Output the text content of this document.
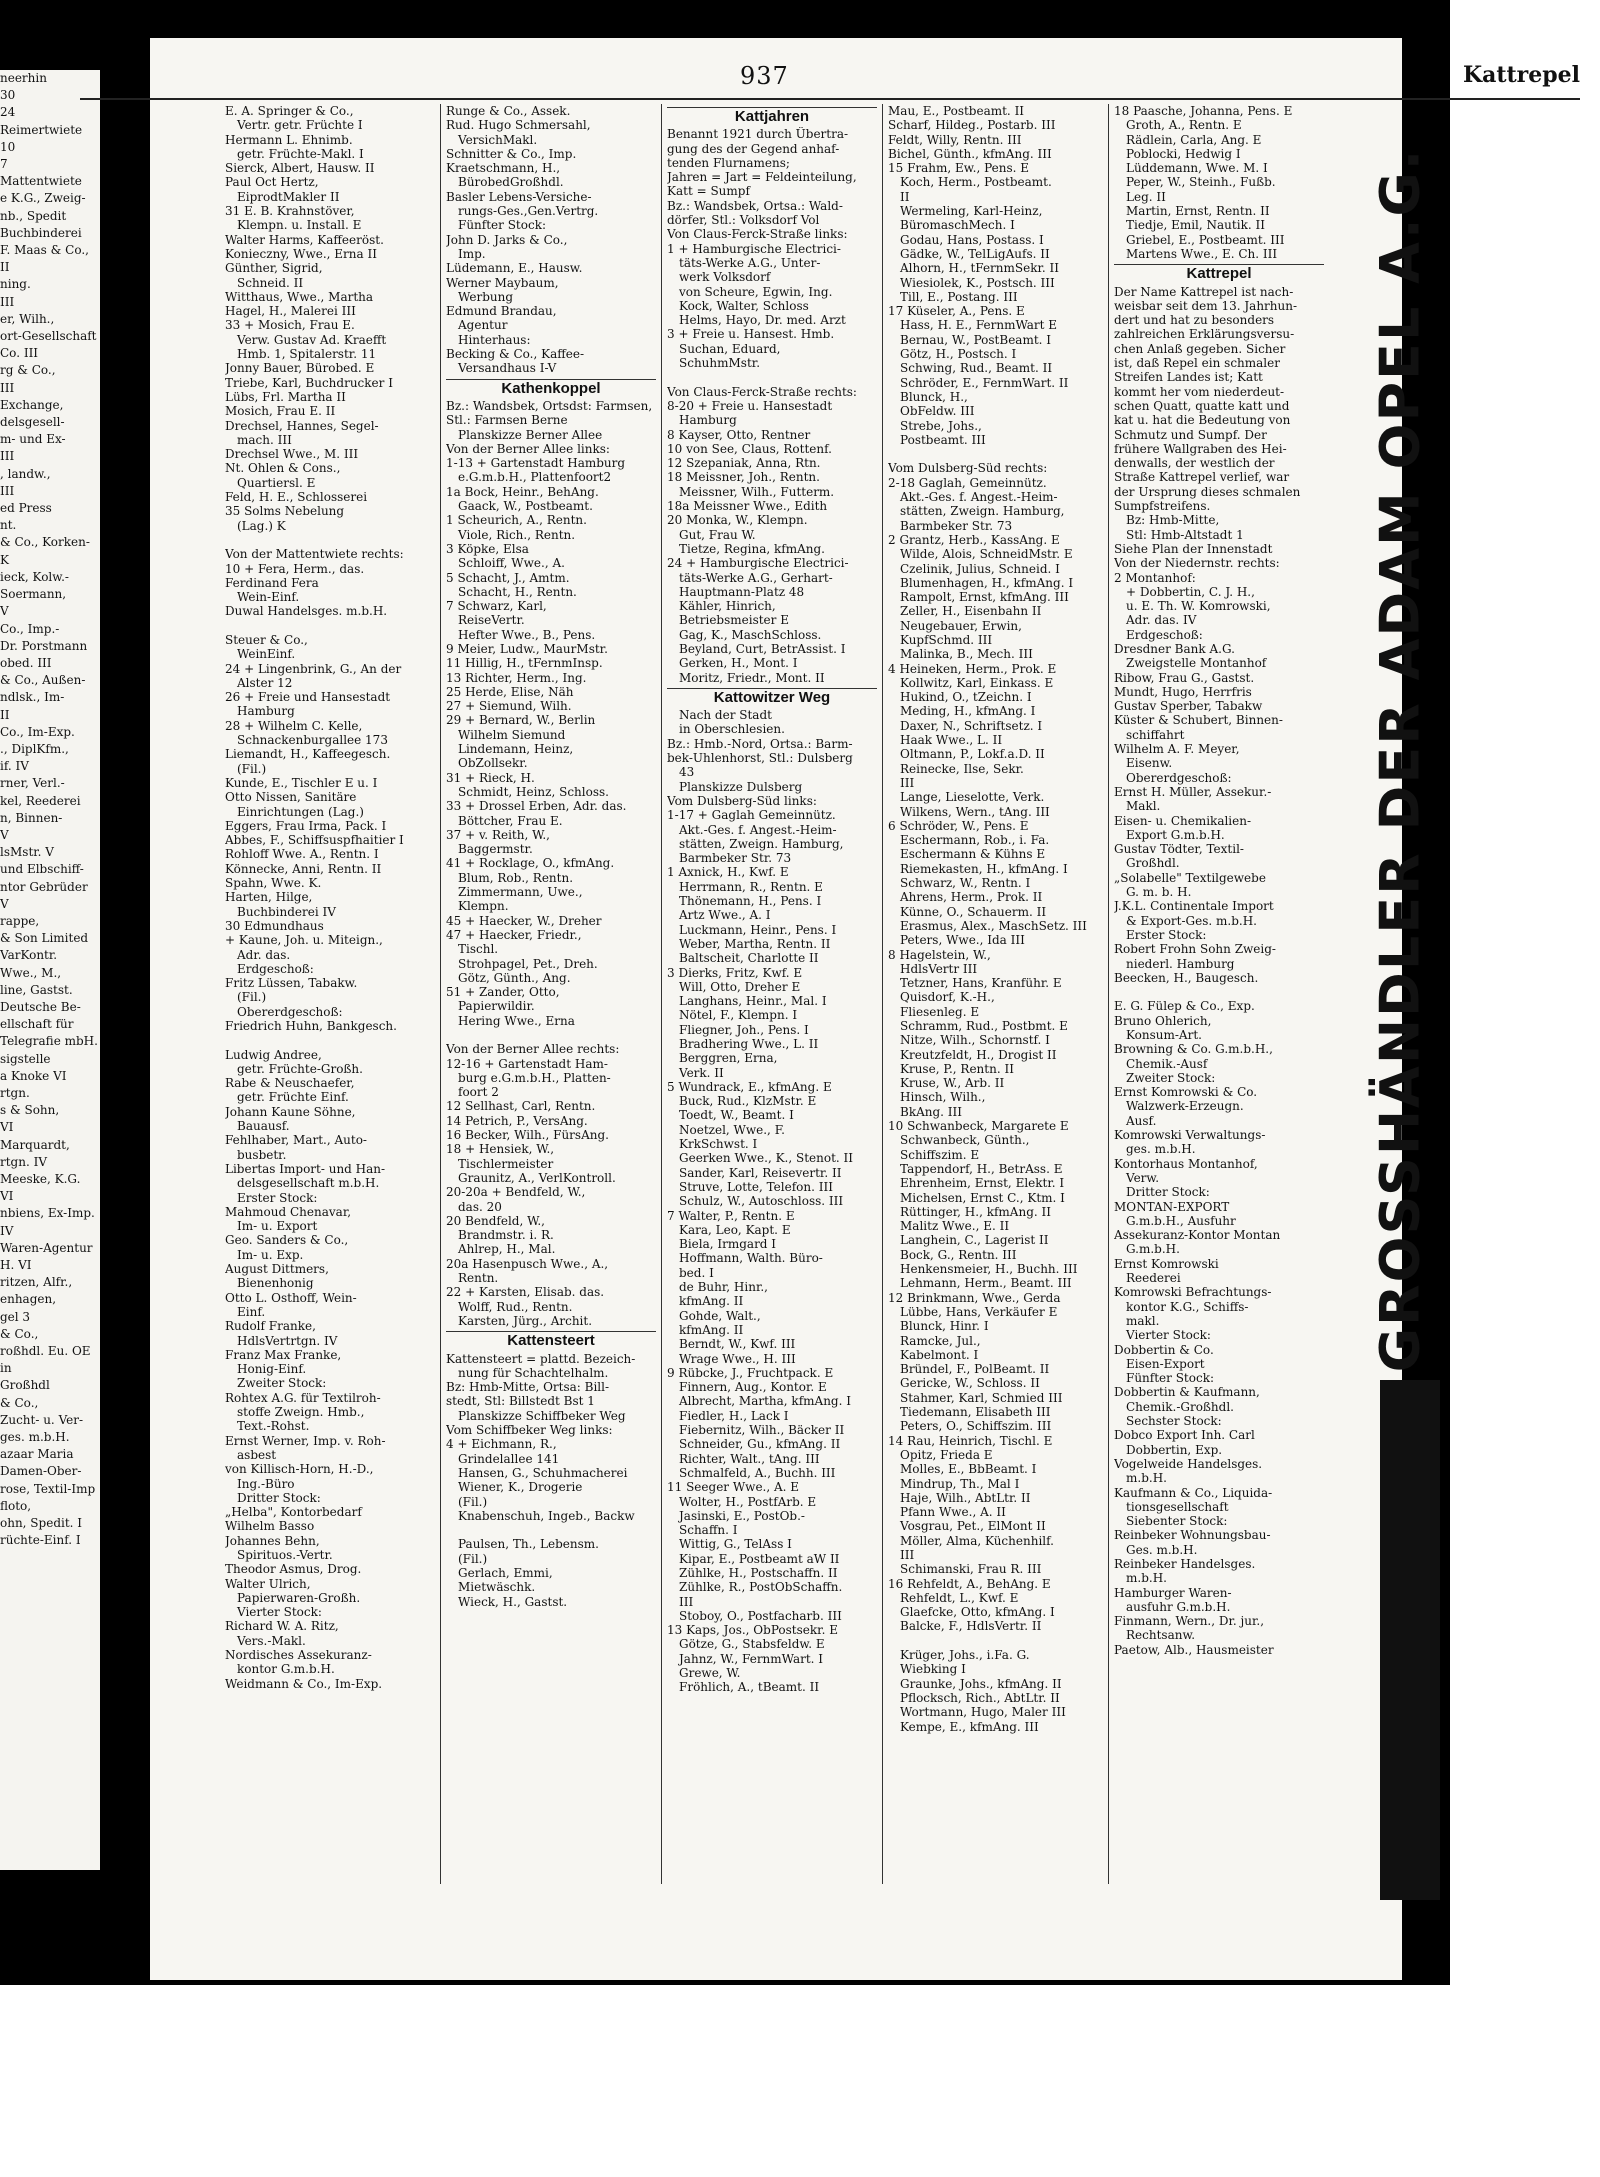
neerhin
30
24
Reimertwiete
10
7
Mattentwiete
e K.G., Zweig-
nb., Spedit
Buchbinderei
F. Maas & Co.,
II
ning.
III
er, Wilh.,
ort-Gesellschaft
Co. III
rg & Co.,
III
Exchange,
delsgesell-
m- und Ex-
III
, landw.,
III
ed Press
nt.
& Co., Korken-
K
ieck, Kolw.-
Soermann,
V
Co., Imp.-
Dr. Porstmann
obed. III
& Co., Außen-
ndlsk., Im-
II
Co., Im-Exp.
., DiplKfm.,
if. IV
rner, Verl.-
kel, Reederei
n, Binnen-
V
lsMstr. V
und Elbschiff-
ntor Gebrüder
V
rappe,
& Son Limited
VarKontr.
Wwe., M.,
line, Gastst.
Deutsche Be-
ellschaft für
Telegrafie mbH.
sigstelle
a Knoke VI
rtgn.
s & Sohn,
VI
Marquardt,
rtgn. IV
Meeske, K.G.
VI
nbiens, Ex-Imp.
IV
Waren-Agentur
H. VI
ritzen, Alfr.,
enhagen,
gel 3
& Co.,
roßhdl. Eu. OE
in
Großhdl
& Co.,
Zucht- u. Ver-
ges. m.b.H.
azaar Maria
Damen-Ober-
rose, Textil-Imp
floto,
ohn, Spedit. I
rüchte-Einf. I
937	Kattrepel
E. A. Springer & Co.,
 Vertr. getr. Früchte I
Hermann L. Ehnimb.
 getr. Früchte-Makl. I
Sierck, Albert, Hausw. II
Paul Oct Hertz,
 EiprodtMakler II
31 E. B. Krahnstöver,
 Klempn. u. Install. E
Walter Harms, Kaffeeröst.
Konieczny, Wwe., Erna II
Günther, Sigrid,
 Schneid. II
Witthaus, Wwe., Martha
Hagel, H., Malerei III
33 + Mosich, Frau E.
 Verw. Gustav Ad. Kraefft
 Hmb. 1, Spitalerstr. 11
Jonny Bauer, Bürobed. E
Triebe, Karl, Buchdrucker I
Lübs, Frl. Martha II
Mosich, Frau E. II
Drechsel, Hannes, Segel-
 mach. III
Drechsel Wwe., M. III
Nt. Ohlen & Cons.,
 Quartiersl. E
Feld, H. E., Schlosserei
35 Solms Nebelung
 (Lag.) K

Von der Mattentwiete rechts:
10 + Fera, Herm., das.
Ferdinand Fera
 Wein-Einf.
Duwal Handelsges. m.b.H.

Steuer & Co.,
 WeinEinf.
24 + Lingenbrink, G., An der
 Alster 12
26 + Freie und Hansestadt
 Hamburg
28 + Wilhelm C. Kelle,
 Schnackenburgallee 173
Liemandt, H., Kaffeegesch.
 (Fil.)
Kunde, E., Tischler E u. I
Otto Nissen, Sanitäre
 Einrichtungen (Lag.)
Eggers, Frau Irma, Pack. I
Abbes, F., Schiffsuspfhaitier I
Rohloff Wwe. A., Rentn. I
Könnecke, Anni, Rentn. II
Spahn, Wwe. K.
Harten, Hilge,
 Buchbinderei IV
30 Edmundhaus
+ Kaune, Joh. u. Miteign.,
 Adr. das.
 Erdgeschoß:
Fritz Lüssen, Tabakw.
 (Fil.)
 Obererdgeschoß:
Friedrich Huhn, Bankgesch.

Ludwig Andree,
 getr. Früchte-Großh.
Rabe & Neuschaefer,
 getr. Früchte Einf.
Johann Kaune Söhne,
 Bauausf.
Fehlhaber, Mart., Auto-
 busbetr.
Libertas Import- und Han-
 delsgesellschaft m.b.H.
 Erster Stock:
Mahmoud Chenavar,
 Im- u. Export
Geo. Sanders & Co.,
 Im- u. Exp.
August Dittmers,
 Bienenhonig
Otto L. Osthoff, Wein-
 Einf.
Rudolf Franke,
 HdlsVertrtgn. IV
Franz Max Franke,
 Honig-Einf.
 Zweiter Stock:
Rohtex A.G. für Textilroh-
 stoffe Zweign. Hmb.,
 Text.-Rohst.
Ernst Werner, Imp. v. Roh-
 asbest
von Killisch-Horn, H.-D.,
 Ing.-Büro
 Dritter Stock:
„Helba", Kontorbedarf
Wilhelm Basso
Johannes Behn,
 Spirituos.-Vertr.
Theodor Asmus, Drog.
Walter Ulrich,
 Papierwaren-Großh.
 Vierter Stock:
Richard W. A. Ritz,
 Vers.-Makl.
Nordisches Assekuranz-
 kontor G.m.b.H.
Weidmann & Co., Im-Exp.
Runge & Co., Assek.
Rud. Hugo Schmersahl,
 VersichMakl.
Schnitter & Co., Imp.
Kraetschmann, H.,
 BürobedGroßhdl.
Basler Lebens-Versiche-
 rungs-Ges.,Gen.Vertrg.
 Fünfter Stock:
John D. Jarks & Co.,
 Imp.
Lüdemann, E., Hausw.
Werner Maybaum,
 Werbung
Edmund Brandau,
 Agentur
 Hinterhaus:
Becking & Co., Kaffee-
 Versandhaus I-V
Kathenkoppel
Bz.: Wandsbek, Ortsdst: Farmsen,
Stl.: Farmsen Berne
 Planskizze Berner Allee
Von der Berner Allee links:
1-13 + Gartenstadt Hamburg
 e.G.m.b.H., Plattenfoort2
1a Bock, Heinr., BehAng.
 Gaack, W., Postbeamt.
1 Scheurich, A., Rentn.
 Viole, Rich., Rentn.
3 Köpke, Elsa
 Schloiff, Wwe., A.
5 Schacht, J., Amtm.
 Schacht, H., Rentn.
7 Schwarz, Karl,
 ReiseVertr.
 Hefter Wwe., B., Pens.
9 Meier, Ludw., MaurMstr.
11 Hillig, H., tFernmInsp.
13 Richter, Herm., Ing.
25 Herde, Elise, Näh
27 + Siemund, Wilh.
29 + Bernard, W., Berlin
 Wilhelm Siemund
 Lindemann, Heinz,
 ObZollsekr.
31 + Rieck, H.
 Schmidt, Heinz, Schloss.
33 + Drossel Erben, Adr. das.
 Böttcher, Frau E.
37 + v. Reith, W.,
 Baggermstr.
41 + Rocklage, O., kfmAng.
 Blum, Rob., Rentn.
 Zimmermann, Uwe.,
 Klempn.
45 + Haecker, W., Dreher
47 + Haecker, Friedr.,
 Tischl.
 Strohpagel, Pet., Dreh.
 Götz, Günth., Ang.
51 + Zander, Otto,
 Papierwildir.
 Hering Wwe., Erna

Von der Berner Allee rechts:
12-16 + Gartenstadt Ham-
 burg e.G.m.b.H., Platten-
 foort 2
12 Sellhast, Carl, Rentn.
14 Petrich, P., VersAng.
16 Becker, Wilh., FürsAng.
18 + Hensiek, W.,
 Tischlermeister
 Graunitz, A., VerlKontroll.
20-20a + Bendfeld, W.,
 das. 20
20 Bendfeld, W.,
 Brandmstr. i. R.
 Ahlrep, H., Mal.
20a Hasenpusch Wwe., A.,
 Rentn.
22 + Karsten, Elisab. das.
 Wolff, Rud., Rentn.
 Karsten, Jürg., Archit.
Kattensteert
Kattensteert = plattd. Bezeich-
 nung für Schachtelhalm.
Bz: Hmb-Mitte, Ortsa: Bill-
stedt, Stl: Billstedt Bst 1
 Planskizze Schiffbeker Weg
Vom Schiffbeker Weg links:
4 + Eichmann, R.,
 Grindelallee 141
 Hansen, G., Schuhmacherei
 Wiener, K., Drogerie
 (Fil.)
 Knabenschuh, Ingeb., Backw

 Paulsen, Th., Lebensm.
 (Fil.)
 Gerlach, Emmi,
 Mietwäschk.
 Wieck, H., Gastst.
Kattjahren
Benannt 1921 durch Übertra-
gung des der Gegend anhaf-
tenden Flurnamens;
Jahren = Jart = Feldeinteilung,
Katt = Sumpf
Bz.: Wandsbek, Ortsa.: Wald-
dörfer, Stl.: Volksdorf Vol
Von Claus-Ferck-Straße links:
1 + Hamburgische Electrici-
 täts-Werke A.G., Unter-
 werk Volksdorf
 von Scheure, Egwin, Ing.
 Kock, Walter, Schloss
 Helms, Hayo, Dr. med. Arzt
3 + Freie u. Hansest. Hmb.
 Suchan, Eduard,
 SchuhmMstr.

Von Claus-Ferck-Straße rechts:
8-20 + Freie u. Hansestadt
 Hamburg
8 Kayser, Otto, Rentner
10 von See, Claus, Rottenf.
12 Szepaniak, Anna, Rtn.
18 Meissner, Joh., Rentn.
 Meissner, Wilh., Futterm.
18a Meissner Wwe., Edith
20 Monka, W., Klempn.
 Gut, Frau W.
 Tietze, Regina, kfmAng.
24 + Hamburgische Electrici-
 täts-Werke A.G., Gerhart-
 Hauptmann-Platz 48
 Kähler, Hinrich,
 Betriebsmeister E
 Gag, K., MaschSchloss.
 Beyland, Curt, BetrAssist. I
 Gerken, H., Mont. I
 Moritz, Friedr., Mont. II
Kattowitzer Weg
 Nach der Stadt
 in Oberschlesien.
Bz.: Hmb.-Nord, Ortsa.: Barm-
bek-Uhlenhorst, Stl.: Dulsberg
 43
 Planskizze Dulsberg
Vom Dulsberg-Süd links:
1-17 + Gaglah Gemeinnütz.
 Akt.-Ges. f. Angest.-Heim-
 stätten, Zweign. Hamburg,
 Barmbeker Str. 73
1 Axnick, H., Kwf. E
 Herrmann, R., Rentn. E
 Thönemann, H., Pens. I
 Artz Wwe., A. I
 Luckmann, Heinr., Pens. I
 Weber, Martha, Rentn. II
 Baltscheit, Charlotte II
3 Dierks, Fritz, Kwf. E
 Will, Otto, Dreher E
 Langhans, Heinr., Mal. I
 Nötel, F., Klempn. I
 Fliegner, Joh., Pens. I
 Bradhering Wwe., L. II
 Berggren, Erna,
 Verk. II
5 Wundrack, E., kfmAng. E
 Buck, Rud., KlzMstr. E
 Toedt, W., Beamt. I
 Noetzel, Wwe., F.
 KrkSchwst. I
 Geerken Wwe., K., Stenot. II
 Sander, Karl, Reisevertr. II
 Struve, Lotte, Telefon. III
 Schulz, W., Autoschloss. III
7 Walter, P., Rentn. E
 Kara, Leo, Kapt. E
 Biela, Irmgard I
 Hoffmann, Walth. Büro-
 bed. I
 de Buhr, Hinr.,
 kfmAng. II
 Gohde, Walt.,
 kfmAng. II
 Berndt, W., Kwf. III
 Wrage Wwe., H. III
9 Rübcke, J., Fruchtpack. E
 Finnern, Aug., Kontor. E
 Albrecht, Martha, kfmAng. I
 Fiedler, H., Lack I
 Fiebernitz, Wilh., Bäcker II
 Schneider, Gu., kfmAng. II
 Richter, Walt., tAng. III
 Schmalfeld, A., Buchh. III
11 Seeger Wwe., A. E
 Wolter, H., PostfArb. E
 Jasinski, E., PostOb.-
 Schaffn. I
 Wittig, G., TelAss I
 Kipar, E., Postbeamt aW II
 Zühlke, H., Postschaffn. II
 Zühlke, R., PostObSchaffn.
 III
 Stoboy, O., Postfacharb. III
13 Kaps, Jos., ObPostsekr. E
 Götze, G., Stabsfeldw. E
 Jahnz, W., FernmWart. I
 Grewe, W.
 Fröhlich, A., tBeamt. II
Mau, E., Postbeamt. II
Scharf, Hildeg., Postarb. III
Feldt, Willy, Rentn. III
Bichel, Günth., kfmAng. III
15 Frahm, Ew., Pens. E
 Koch, Herm., Postbeamt.
 II
 Wermeling, Karl-Heinz,
 BüromaschMech. I
 Godau, Hans, Postass. I
 Gädke, W., TelLigAufs. II
 Alhorn, H., tFernmSekr. II
 Wiesiolek, K., Postsch. III
 Till, E., Postang. III
17 Küseler, A., Pens. E
 Hass, H. E., FernmWart E
 Bernau, W., PostBeamt. I
 Götz, H., Postsch. I
 Schwing, Rud., Beamt. II
 Schröder, E., FernmWart. II
 Blunck, H.,
 ObFeldw. III
 Strebe, Johs.,
 Postbeamt. III

Vom Dulsberg-Süd rechts:
2-18 Gaglah, Gemeinnütz.
 Akt.-Ges. f. Angest.-Heim-
 stätten, Zweign. Hamburg,
 Barmbeker Str. 73
2 Grantz, Herb., KassAng. E
 Wilde, Alois, SchneidMstr. E
 Czelinik, Julius, Schneid. I
 Blumenhagen, H., kfmAng. I
 Rampolt, Ernst, kfmAng. III
 Zeller, H., Eisenbahn II
 Neugebauer, Erwin,
 KupfSchmd. III
 Malinka, B., Mech. III
4 Heineken, Herm., Prok. E
 Kollwitz, Karl, Einkass. E
 Hukind, O., tZeichn. I
 Meding, H., kfmAng. I
 Daxer, N., Schriftsetz. I
 Haak Wwe., L. II
 Oltmann, P., Lokf.a.D. II
 Reinecke, Ilse, Sekr.
 III
 Lange, Lieselotte, Verk.
 Wilkens, Wern., tAng. III
6 Schröder, W., Pens. E
 Eschermann, Rob., i. Fa.
 Eschermann & Kühns E
 Riemekasten, H., kfmAng. I
 Schwarz, W., Rentn. I
 Ahrens, Herm., Prok. II
 Künne, O., Schauerm. II
 Erasmus, Alex., MaschSetz. III
 Peters, Wwe., Ida III
8 Hagelstein, W.,
 HdlsVertr III
 Tetzner, Hans, Kranführ. E
 Quisdorf, K.-H.,
 Fliesenleg. E
 Schramm, Rud., Postbmt. E
 Nitze, Wilh., Schornstf. I
 Kreutzfeldt, H., Drogist II
 Kruse, P., Rentn. II
 Kruse, W., Arb. II
 Hinsch, Wilh.,
 BkAng. III
10 Schwanbeck, Margarete E
 Schwanbeck, Günth.,
 Schiffszim. E
 Tappendorf, H., BetrAss. E
 Ehrenheim, Ernst, Elektr. I
 Michelsen, Ernst C., Ktm. I
 Rüttinger, H., kfmAng. II
 Malitz Wwe., E. II
 Langhein, C., Lagerist II
 Bock, G., Rentn. III
 Henkensmeier, H., Buchh. III
 Lehmann, Herm., Beamt. III
12 Brinkmann, Wwe., Gerda
 Lübbe, Hans, Verkäufer E
 Blunck, Hinr. I
 Ramcke, Jul.,
 Kabelmont. I
 Bründel, F., PolBeamt. II
 Gericke, W., Schloss. II
 Stahmer, Karl, Schmied III
 Tiedemann, Elisabeth III
 Peters, O., Schiffszim. III
14 Rau, Heinrich, Tischl. E
 Opitz, Frieda E
 Molles, E., BbBeamt. I
 Mindrup, Th., Mal I
 Haje, Wilh., AbtLtr. II
 Pfann Wwe., A. II
 Vosgrau, Pet., ElMont II
 Möller, Alma, Küchenhilf.
 III
 Schimanski, Frau R. III
16 Rehfeldt, A., BehAng. E
 Rehfeldt, L., Kwf. E
 Glaefcke, Otto, kfmAng. I
 Balcke, F., HdlsVertr. II

 Krüger, Johs., i.Fa. G.
 Wiebking I
 Graunke, Johs., kfmAng. II
 Pflocksch, Rich., AbtLtr. II
 Wortmann, Hugo, Maler III
 Kempe, E., kfmAng. III
18 Paasche, Johanna, Pens. E
 Groth, A., Rentn. E
 Rädlein, Carla, Ang. E
 Poblocki, Hedwig I
 Lüddemann, Wwe. M. I
 Peper, W., Steinh., Fußb.
 Leg. II
 Martin, Ernst, Rentn. II
 Tiedje, Emil, Nautik. II
 Griebel, E., Postbeamt. III
 Martens Wwe., E. Ch. III
Kattrepel
Der Name Kattrepel ist nach-
weisbar seit dem 13. Jahrhun-
dert und hat zu besonders
zahlreichen Erklärungsversu-
chen Anlaß gegeben. Sicher
ist, daß Repel ein schmaler
Streifen Landes ist; Katt
kommt her vom niederdeut-
schen Quatt, quatte katt und
kat u. hat die Bedeutung von
Schmutz und Sumpf. Der
frühere Wallgraben des Hei-
denwalls, der westlich der
Straße Kattrepel verlief, war
der Ursprung dieses schmalen
Sumpfstreifens.
 Bz: Hmb-Mitte,
 Stl: Hmb-Altstadt 1
Siehe Plan der Innenstadt
Von der Niedernstr. rechts:
2 Montanhof:
 + Dobbertin, C. J. H.,
 u. E. Th. W. Komrowski,
 Adr. das. IV
 Erdgeschoß:
Dresdner Bank A.G.
 Zweigstelle Montanhof
Ribow, Frau G., Gastst.
Mundt, Hugo, Herrfris
Gustav Sperber, Tabakw
Küster & Schubert, Binnen-
 schiffahrt
Wilhelm A. F. Meyer,
 Eisenw.
 Obererdgeschoß:
Ernst H. Müller, Assekur.-
 Makl.
Eisen- u. Chemikalien-
 Export G.m.b.H.
Gustav Tödter, Textil-
 Großhdl.
„Solabelle" Textilgewebe
 G. m. b. H.
J.K.L. Continentale Import
 & Export-Ges. m.b.H.
 Erster Stock:
Robert Frohn Sohn Zweig-
 niederl. Hamburg
Beecken, H., Baugesch.

E. G. Fülep & Co., Exp.
Bruno Ohlerich,
 Konsum-Art.
Browning & Co. G.m.b.H.,
 Chemik.-Ausf
 Zweiter Stock:
Ernst Komrowski & Co.
 Walzwerk-Erzeugn.
 Ausf.
Komrowski Verwaltungs-
 ges. m.b.H.
Kontorhaus Montanhof,
 Verw.
 Dritter Stock:
MONTAN-EXPORT
 G.m.b.H., Ausfuhr
Assekuranz-Kontor Montan
 G.m.b.H.
Ernst Komrowski
 Reederei
Komrowski Befrachtungs-
 kontor K.G., Schiffs-
 makl.
 Vierter Stock:
Dobbertin & Co.
 Eisen-Export
 Fünfter Stock:
Dobbertin & Kaufmann,
 Chemik.-Großhdl.
 Sechster Stock:
Dobco Export Inh. Carl
 Dobbertin, Exp.
Vogelweide Handelsges.
 m.b.H.
Kaufmann & Co., Liquida-
 tionsgesellschaft
 Siebenter Stock:
Reinbeker Wohnungsbau-
 Ges. m.b.H.
Reinbeker Handelsges.
 m.b.H.
Hamburger Waren-
 ausfuhr G.m.b.H.
Finmann, Wern., Dr. jur.,
 Rechtsanw.
Paetow, Alb., Hausmeister
GROSSHÄNDLER DER ADAM OPEL A.G.
